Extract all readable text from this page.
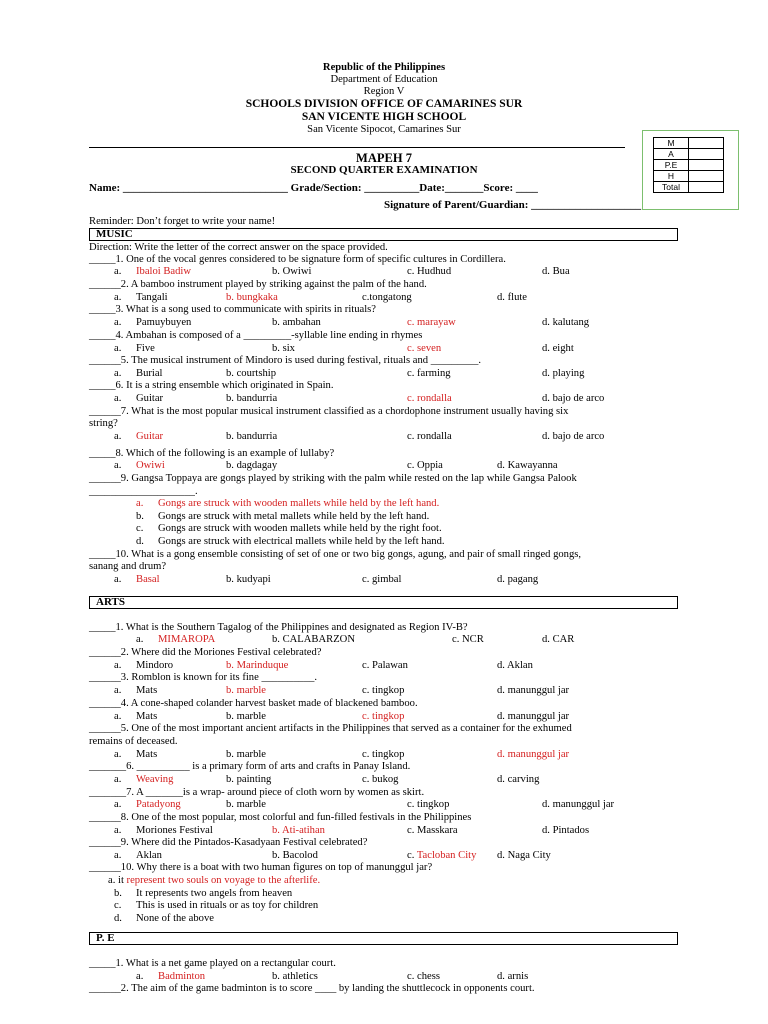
Republic of the Philippines
Department of Education
Region V
SCHOOLS DIVISION OFFICE OF CAMARINES SUR
SAN VICENTE HIGH SCHOOL
San Vicente Sipocot, Camarines Sur
MAPEH 7
SECOND QUARTER EXAMINATION
Name: ______________________________ Grade/Section: __________Date:_______Score: ____
Signature of Parent/Guardian: ____________________
M	
A	
P.E	
H	
Total	
Reminder: Don’t forget to write your name!
MUSIC
Direction: Write the letter of the correct answer on the space provided.
_____1. One of the vocal genres considered to be signature form of specific cultures in Cordillera.
a. Ibaloi Badiw	b. Owiwi	c. Hudhud	d. Bua
______2. A bamboo instrument played by striking against the palm of the hand.
a. Tangali	b. bungkaka	c.tongatong	d. flute
_____3. What is a song used to communicate with spirits in rituals?
a. Pamuybuyen	b. ambahan	c. marayaw	d. kalutang
_____4. Ambahan is composed of a _________-syllable line ending in rhymes
a. Five	b. six	c. seven	d. eight
______5. The musical instrument of Mindoro is used during festival, rituals and _________.
a. Burial	b. courtship	c. farming	d. playing
_____6. It is a string ensemble which originated in Spain.
a. Guitar	b. bandurria	c. rondalla	d. bajo de arco
______7. What is the most popular musical instrument classified as a chordophone instrument usually having six
string?
a. Guitar	b. bandurria	c. rondalla	d. bajo de arco
_____8. Which of the following is an example of lullaby?
a. Owiwi	b. dagdagay	c. Oppia	d. Kawayanna
______9. Gangsa Toppaya are gongs played by striking with the palm while rested on the lap while Gangsa Palook
____________________.
a. Gongs are struck with wooden mallets while held by the left hand.
b. Gongs are struck with metal mallets while held by the left hand.
c. Gongs are struck with wooden mallets while held by the right foot.
d. Gongs are struck with electrical mallets while held by the left hand.
_____10. What is a gong ensemble consisting of set of one or two big gongs, agung, and pair of small ringed gongs,
sanang and drum?
a. Basal	b. kudyapi	c. gimbal	d. pagang
ARTS
_____1. What is the Southern Tagalog of the Philippines and designated as Region IV-B?
a. MIMAROPA	b. CALABARZON	c. NCR	d. CAR
______2. Where did the Moriones Festival celebrated?
a. Mindoro	b. Marinduque	c. Palawan	d. Aklan
______3. Romblon is known for its fine __________.
a. Mats	b. marble	c. tingkop	d. manunggul jar
______4. A cone-shaped colander harvest basket made of blackened bamboo.
a. Mats	b. marble	c. tingkop	d. manunggul jar
______5. One of the most important ancient artifacts in the Philippines that served as a container for the exhumed
remains of deceased.
a. Mats	b. marble	c. tingkop	d. manunggul jar
_______6. __________ is a primary form of arts and crafts in Panay Island.
a. Weaving	b. painting	c. bukog	d. carving
_______7. A _______is a wrap- around piece of cloth worn by women as skirt.
a. Patadyong	b. marble	c. tingkop	d. manunggul jar
______8. One of the most popular, most colorful and fun-filled festivals in the Philippines
a. Moriones Festival	b. Ati-atihan	c. Masskara	d. Pintados
______9. Where did the Pintados-Kasadyaan Festival celebrated?
a. Aklan	b. Bacolod	c. Tacloban City d. Naga City
______10. Why there is a boat with two human figures on top of manunggul jar?
a. it represent two souls on voyage to the afterlife.
b. It represents two angels from heaven
c. This is used in rituals or as toy for children
d. None of the above
P. E
_____1. What is a net game played on a rectangular court.
a. Badminton	b. athletics	c. chess	d. arnis
______2. The aim of the game badminton is to score ____ by landing the shuttlecock in opponents court.
